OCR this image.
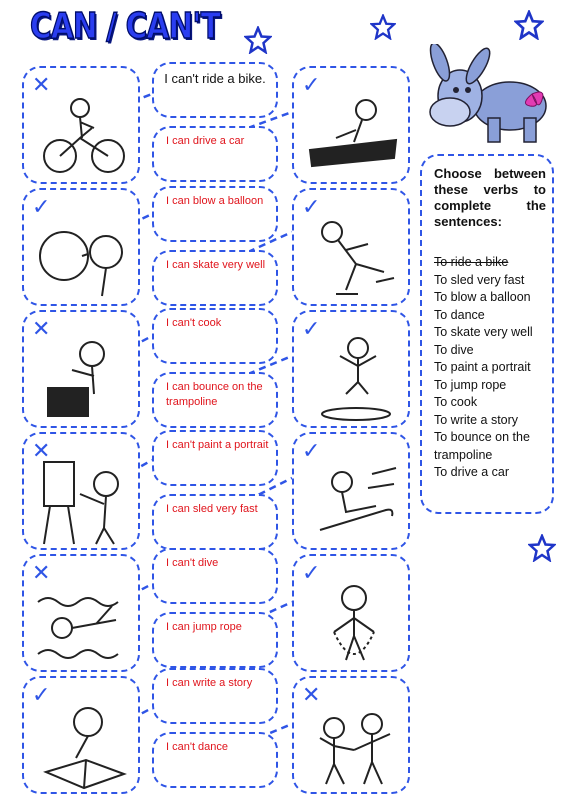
CAN / CAN'T
✕
✓
✕
✕
✕
✓
I can't ride a bike.
I can drive a car
I can blow a balloon
I can skate very well
I can't cook
I can bounce on the trampoline
I can't paint a portrait
I can sled very fast
I can't dive
I can jump rope
I can write a story
I can't dance
✓
✓
✓
✓
✓
✕
Choose between these verbs to complete the sentences:
To ride a bike
To sled very fast
To blow a balloon
To dance
To skate very well
To dive
To paint a portrait
To jump rope
To cook
To write a story
To bounce on the trampoline
To drive a car
